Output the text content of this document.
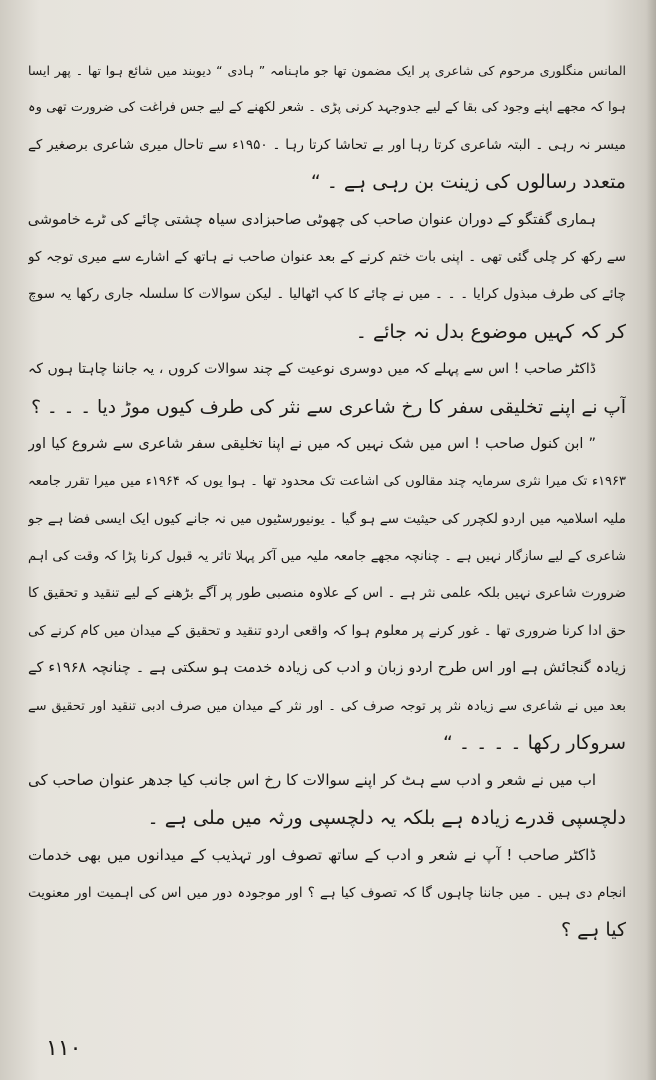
المانس منگلوری مرحوم کی شاعری پر ایک مضمون تھا جو ماہنامہ ” ہادی “ دیوبند میں شائع ہوا تھا ۔ پھر ایسا
ہوا کہ مجھے اپنے وجود کی بقا کے لیے جدوجہد کرنی پڑی ۔ شعر لکھنے کے لیے جس فراغت کی ضرورت تھی وہ
میسر نہ رہی ۔ البتہ شاعری کرتا رہا اور بے تحاشا کرتا رہا ۔ ۱۹۵۰ء سے تاحال میری شاعری برصغیر کے
متعدد رسالوں کی زینت بن رہی ہے ۔ “
ہماری گفتگو کے دوران عنوان صاحب کی چھوٹی صاحبزادی سیاہ چشتی چائے کی ٹرے خاموشی
سے رکھ کر چلی گئی تھی ۔ اپنی بات ختم کرنے کے بعد عنوان صاحب نے ہاتھ کے اشارے سے میری توجہ کو
چائے کی طرف مبذول کرایا ۔ ۔ ۔ میں نے چائے کا کپ اٹھالیا ۔ لیکن سوالات کا سلسلہ جاری رکھا یہ سوچ
کر کہ کہیں موضوع بدل نہ جائے ۔
ڈاکٹر صاحب ! اس سے پہلے کہ میں دوسری نوعیت کے چند سوالات کروں ، یہ جاننا چاہتا ہوں کہ
آپ نے اپنے تخلیقی سفر کا رخ شاعری سے نثر کی طرف کیوں موڑ دیا ۔ ۔ ۔ ؟
” ابن کنول صاحب ! اس میں شک نہیں کہ میں نے اپنا تخلیقی سفر شاعری سے شروع کیا اور
۱۹۶۳ء تک میرا نثری سرمایہ چند مقالوں کی اشاعت تک محدود تھا ۔ ہوا یوں کہ ۱۹۶۴ء میں میرا تقرر جامعہ
ملیہ اسلامیہ میں اردو لکچرر کی حیثیت سے ہو گیا ۔ یونیورسٹیوں میں نہ جانے کیوں ایک ایسی فضا ہے جو
شاعری کے لیے سازگار نہیں ہے ۔ چنانچہ مجھے جامعہ ملیہ میں آکر پہلا تاثر یہ قبول کرنا پڑا کہ وقت کی اہم
ضرورت شاعری نہیں بلکہ علمی نثر ہے ۔ اس کے علاوہ منصبی طور پر آگے بڑھنے کے لیے تنقید و تحقیق کا
حق ادا کرنا ضروری تھا ۔ غور کرنے پر معلوم ہوا کہ واقعی اردو تنقید و تحقیق کے میدان میں کام کرنے کی
زیادہ گنجائش ہے اور اس طرح اردو زبان و ادب کی زیادہ خدمت ہو سکتی ہے ۔ چنانچہ ۱۹۶۸ء کے
بعد میں نے شاعری سے زیادہ نثر پر توجہ صرف کی ۔ اور نثر کے میدان میں صرف ادبی تنقید اور تحقیق سے
سروکار رکھا ۔ ۔ ۔ ۔ “
اب میں نے شعر و ادب سے ہٹ کر اپنے سوالات کا رخ اس جانب کیا جدھر عنوان صاحب کی
دلچسپی قدرے زیادہ ہے بلکہ یہ دلچسپی ورثہ میں ملی ہے ۔
ڈاکٹر صاحب ! آپ نے شعر و ادب کے ساتھ تصوف اور تہذیب کے میدانوں میں بھی خدمات
انجام دی ہیں ۔ میں جاننا چاہوں گا کہ تصوف کیا ہے ؟ اور موجودہ دور میں اس کی اہمیت اور معنویت
کیا ہے ؟
۱۱۰
